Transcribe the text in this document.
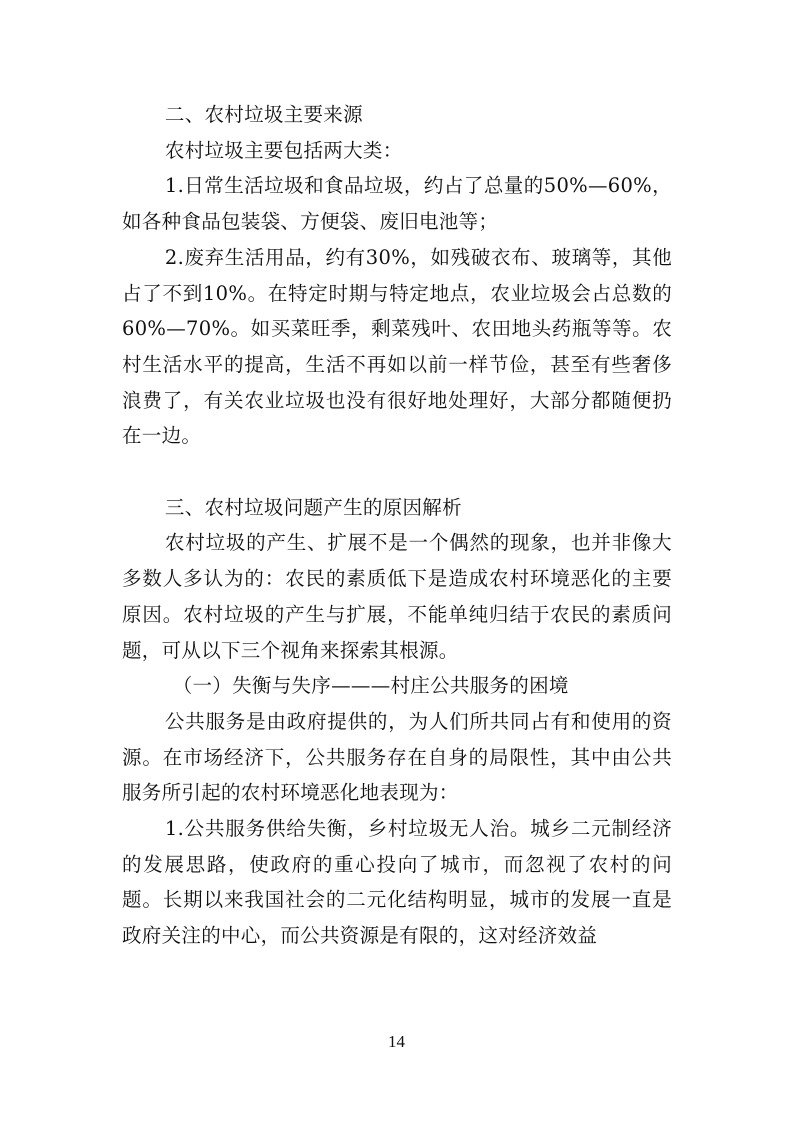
二、农村垃圾主要来源

农村垃圾主要包括两大类：

1.日常生活垃圾和食品垃圾，约占了总量的50%—60%，如各种食品包装袋、方便袋、废旧电池等；

2.废弃生活用品，约有30%，如残破衣布、玻璃等，其他占了不到10%。在特定时期与特定地点，农业垃圾会占总数的60%—70%。如买菜旺季，剩菜残叶、农田地头药瓶等等。农村生活水平的提高，生活不再如以前一样节俭，甚至有些奢侈浪费了，有关农业垃圾也没有很好地处理好，大部分都随便扔在一边。

三、农村垃圾问题产生的原因解析

农村垃圾的产生、扩展不是一个偶然的现象，也并非像大多数人多认为的：农民的素质低下是造成农村环境恶化的主要原因。农村垃圾的产生与扩展，不能单纯归结于农民的素质问题，可从以下三个视角来探索其根源。

（一）失衡与失序———村庄公共服务的困境

公共服务是由政府提供的，为人们所共同占有和使用的资源。在市场经济下，公共服务存在自身的局限性，其中由公共服务所引起的农村环境恶化地表现为：

1.公共服务供给失衡，乡村垃圾无人治。城乡二元制经济的发展思路，使政府的重心投向了城市，而忽视了农村的问题。长期以来我国社会的二元化结构明显，城市的发展一直是政府关注的中心，而公共资源是有限的，这对经济效益

14
